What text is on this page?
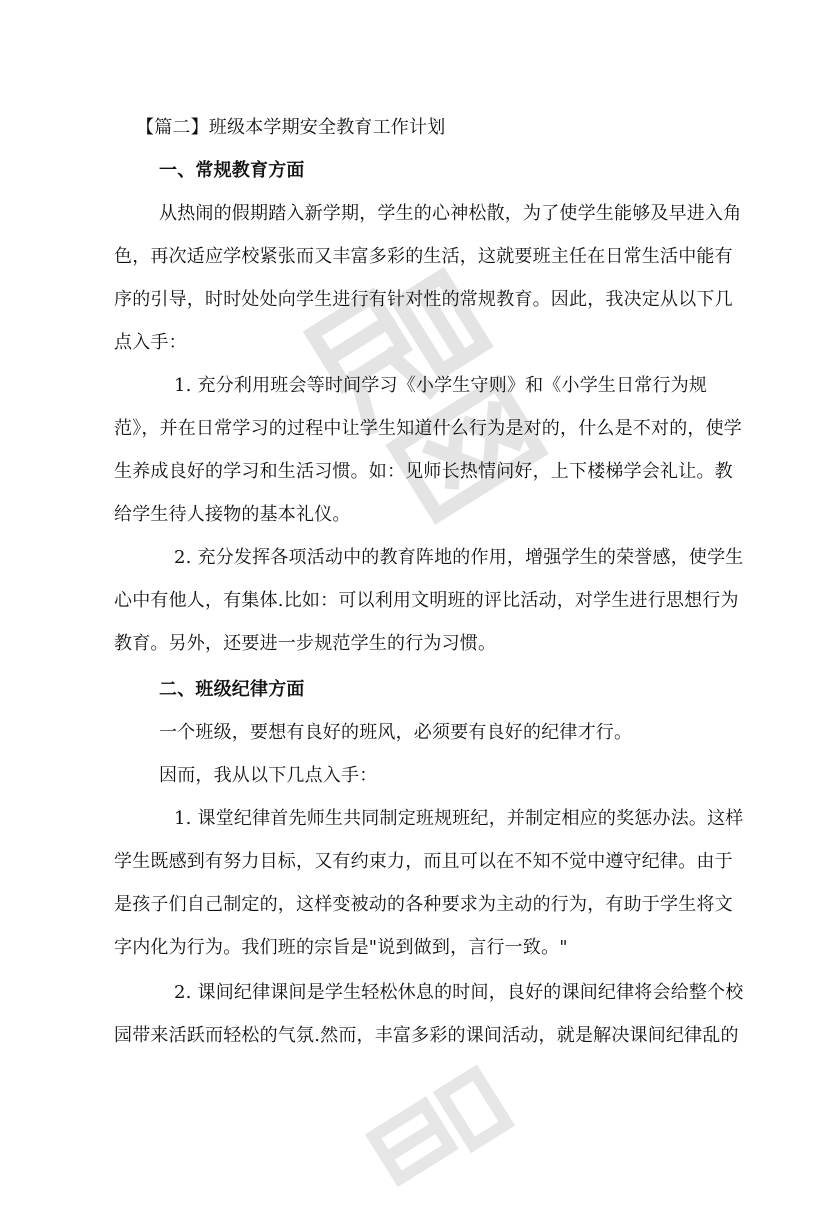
【篇二】班级本学期安全教育工作计划
一、常规教育方面
从热闹的假期踏入新学期，学生的心神松散，为了使学生能够及早进入角
色，再次适应学校紧张而又丰富多彩的生活，这就要班主任在日常生活中能有
序的引导，时时处处向学生进行有针对性的常规教育。因此，我决定从以下几
点入手：
1. 充分利用班会等时间学习《小学生守则》和《小学生日常行为规
范》，并在日常学习的过程中让学生知道什么行为是对的，什么是不对的，使学
生养成良好的学习和生活习惯。如：见师长热情问好，上下楼梯学会礼让。教
给学生待人接物的基本礼仪。
2. 充分发挥各项活动中的教育阵地的作用，增强学生的荣誉感，使学生
心中有他人，有集体.比如：可以利用文明班的评比活动，对学生进行思想行为
教育。另外，还要进一步规范学生的行为习惯。
二、班级纪律方面
一个班级，要想有良好的班风，必须要有良好的纪律才行。
因而，我从以下几点入手：
1. 课堂纪律首先师生共同制定班规班纪，并制定相应的奖惩办法。这样
学生既感到有努力目标，又有约束力，而且可以在不知不觉中遵守纪律。由于
是孩子们自己制定的，这样变被动的各种要求为主动的行为，有助于学生将文
字内化为行为。我们班的宗旨是"说到做到，言行一致。"
2. 课间纪律课间是学生轻松休息的时间，良好的课间纪律将会给整个校
园带来活跃而轻松的气氛.然而，丰富多彩的课间活动，就是解决课间纪律乱的
